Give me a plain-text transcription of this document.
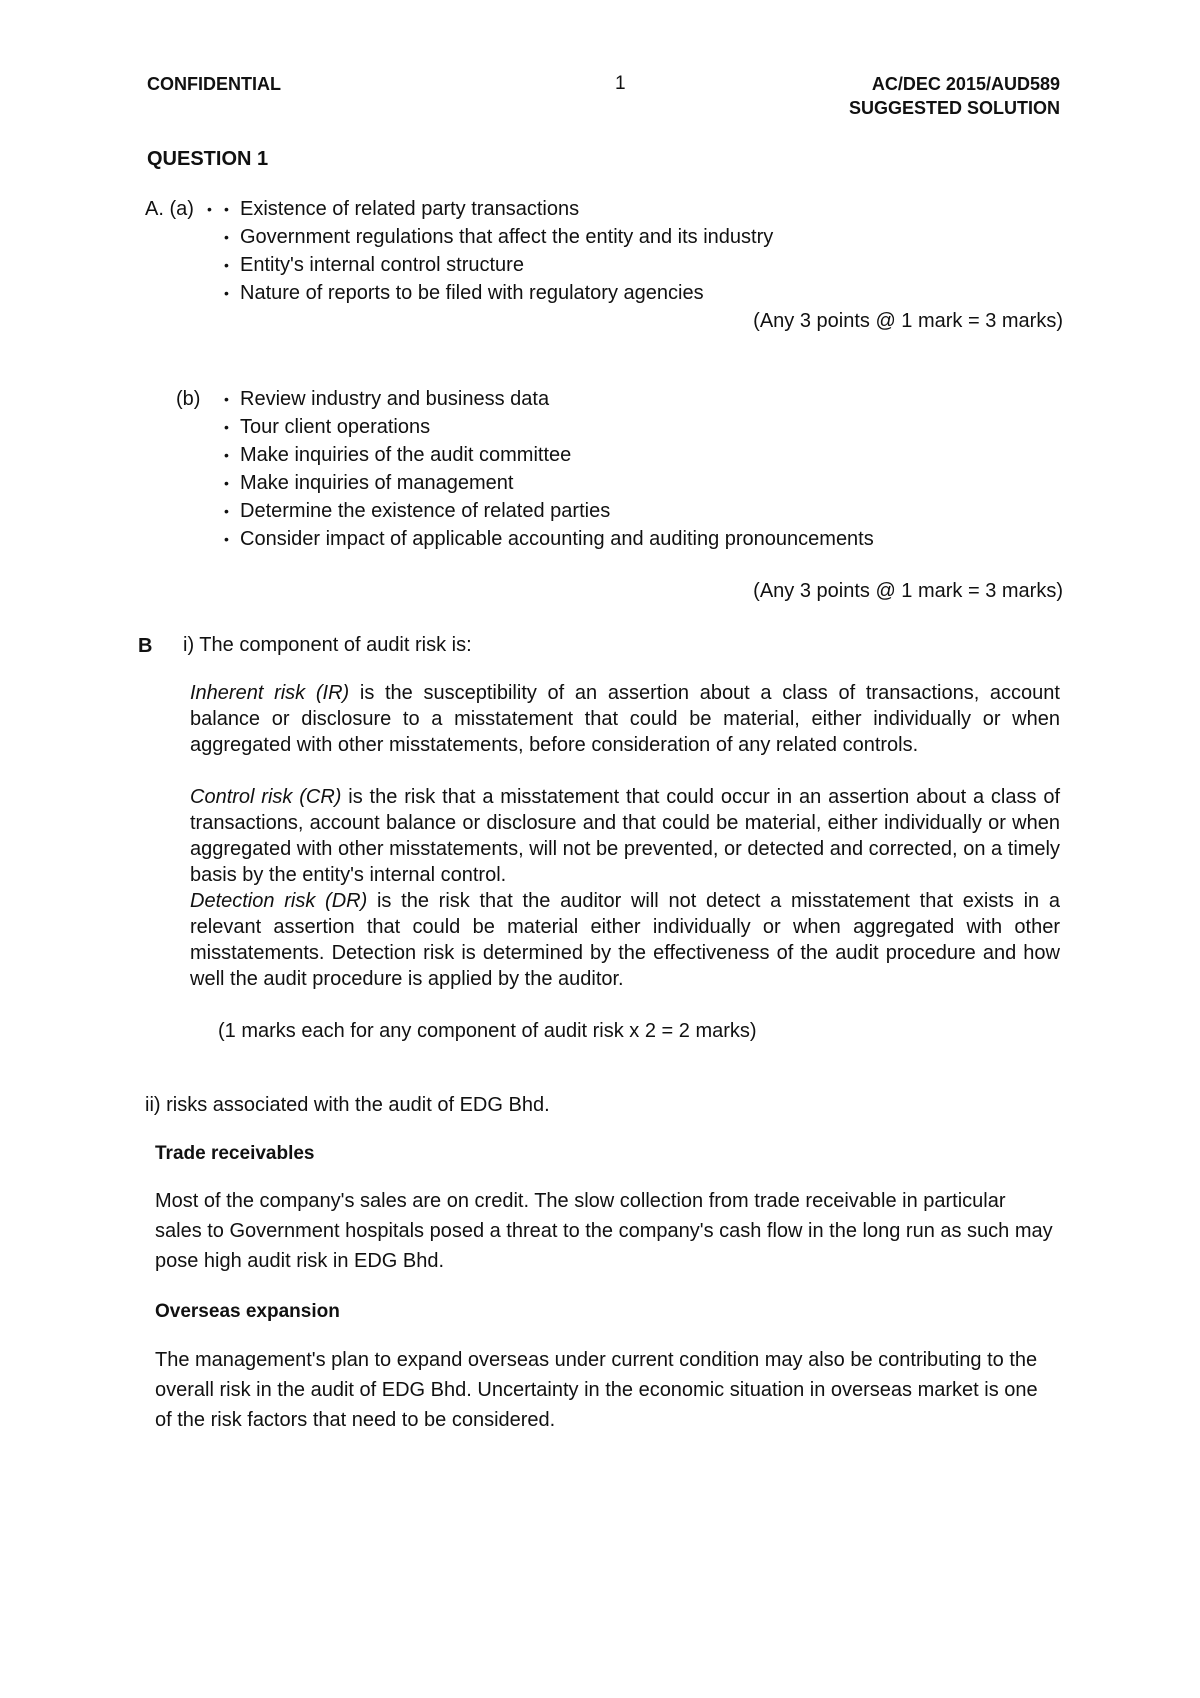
CONFIDENTIAL	1	AC/DEC 2015/AUD589
SUGGESTED SOLUTION
QUESTION 1
A. (a) • • Existence of related party transactions
• Government regulations that affect the entity and its industry
• Entity's internal control structure
• Nature of reports to be filed with regulatory agencies
(Any 3 points @ 1 mark = 3 marks)
(b) • Review industry and business data
• Tour client operations
• Make inquiries of the audit committee
• Make inquiries of management
• Determine the existence of related parties
• Consider impact of applicable accounting and auditing pronouncements
(Any 3 points @ 1 mark = 3 marks)
B i) The component of audit risk is:
Inherent risk (IR) is the susceptibility of an assertion about a class of transactions, account balance or disclosure to a misstatement that could be material, either individually or when aggregated with other misstatements, before consideration of any related controls.
Control risk (CR) is the risk that a misstatement that could occur in an assertion about a class of transactions, account balance or disclosure and that could be material, either individually or when aggregated with other misstatements, will not be prevented, or detected and corrected, on a timely basis by the entity's internal control.
Detection risk (DR) is the risk that the auditor will not detect a misstatement that exists in a relevant assertion that could be material either individually or when aggregated with other misstatements. Detection risk is determined by the effectiveness of the audit procedure and how well the audit procedure is applied by the auditor.
(1 marks each for any component of audit risk x 2 = 2 marks)
ii) risks associated with the audit of EDG Bhd.
Trade receivables
Most of the company's sales are on credit. The slow collection from trade receivable in particular sales to Government hospitals posed a threat to the company's cash flow in the long run as such may pose high audit risk in EDG Bhd.
Overseas expansion
The management's plan to expand overseas under current condition may also be contributing to the overall risk in the audit of EDG Bhd. Uncertainty in the economic situation in overseas market is one of the risk factors that need to be considered.
